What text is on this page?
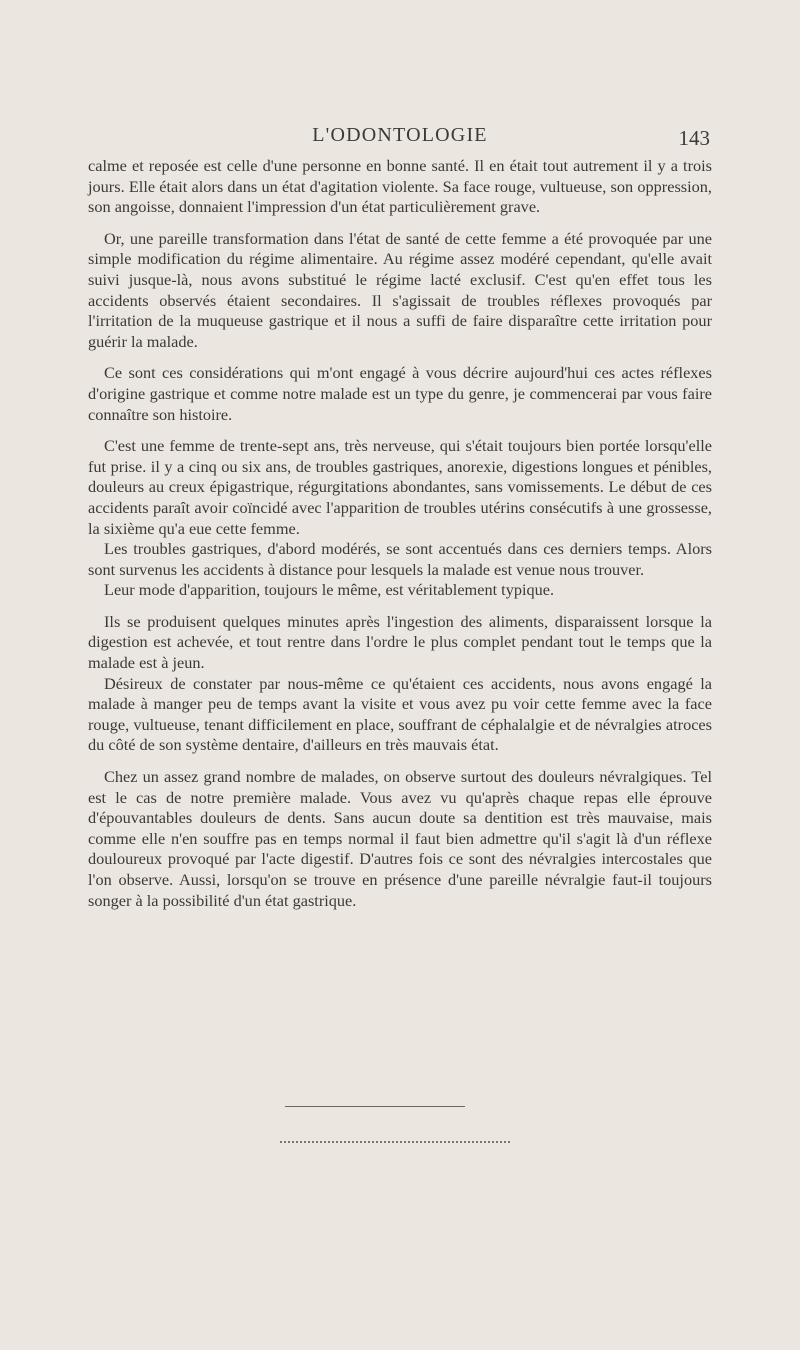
L'ODONTOLOGIE	143

calme et reposée est celle d'une personne en bonne santé. Il en était tout autrement il y a trois jours. Elle était alors dans un état d'agitation violente. Sa face rouge, vultueuse, son oppression, son angoisse, donnaient l'impression d'un état particulièrement grave.

Or, une pareille transformation dans l'état de santé de cette femme a été provoquée par une simple modification du régime alimentaire. Au régime assez modéré cependant, qu'elle avait suivi jusque-là, nous avons substitué le régime lacté exclusif. C'est qu'en effet tous les accidents observés étaient secondaires. Il s'agissait de troubles réflexes provoqués par l'irritation de la muqueuse gastrique et il nous a suffi de faire disparaître cette irritation pour guérir la malade.

Ce sont ces considérations qui m'ont engagé à vous décrire aujourd'hui ces actes réflexes d'origine gastrique et comme notre malade est un type du genre, je commencerai par vous faire connaître son histoire.

C'est une femme de trente-sept ans, très nerveuse, qui s'était toujours bien portée lorsqu'elle fut prise. il y a cinq ou six ans, de troubles gastriques, anorexie, digestions longues et pénibles, douleurs au creux épigastrique, régurgitations abondantes, sans vomissements. Le début de ces accidents paraît avoir coïncidé avec l'apparition de troubles utérins consécutifs à une grossesse, la sixième qu'a eue cette femme.

Les troubles gastriques, d'abord modérés, se sont accentués dans ces derniers temps. Alors sont survenus les accidents à distance pour lesquels la malade est venue nous trouver.

Leur mode d'apparition, toujours le même, est véritablement typique.

Ils se produisent quelques minutes après l'ingestion des aliments, disparaissent lorsque la digestion est achevée, et tout rentre dans l'ordre le plus complet pendant tout le temps que la malade est à jeun.

Désireux de constater par nous-même ce qu'étaient ces accidents, nous avons engagé la malade à manger peu de temps avant la visite et vous avez pu voir cette femme avec la face rouge, vultueuse, tenant difficilement en place, souffrant de céphalalgie et de névralgies atroces du côté de son système dentaire, d'ailleurs en très mauvais état.

Chez un assez grand nombre de malades, on observe surtout des douleurs névralgiques. Tel est le cas de notre première malade. Vous avez vu qu'après chaque repas elle éprouve d'épouvantables douleurs de dents. Sans aucun doute sa dentition est très mauvaise, mais comme elle n'en souffre pas en temps normal il faut bien admettre qu'il s'agit là d'un réflexe douloureux provoqué par l'acte digestif. D'autres fois ce sont des névralgies intercostales que l'on observe. Aussi, lorsqu'on se trouve en présence d'une pareille névralgie faut-il toujours songer à la possibilité d'un état gastrique.
